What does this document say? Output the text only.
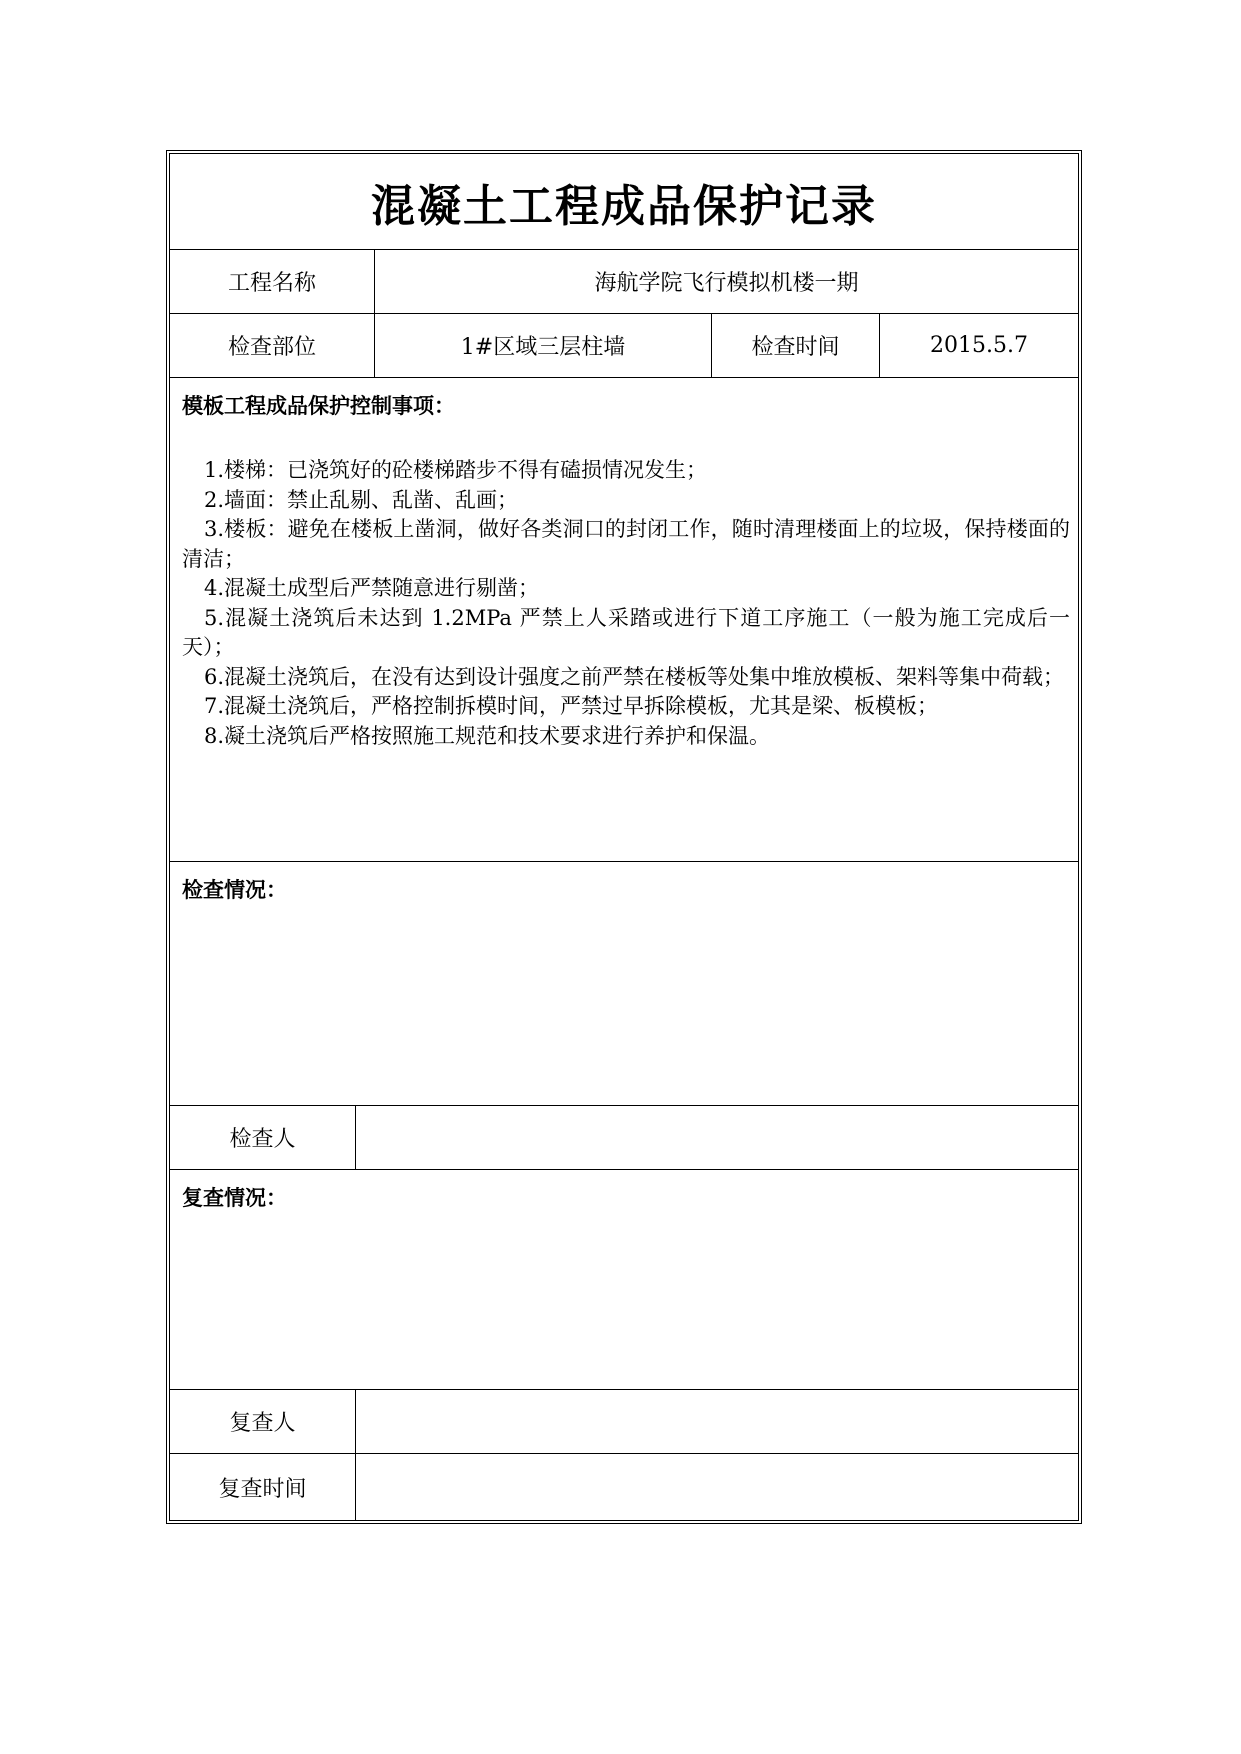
混凝土工程成品保护记录
工程名称	海航学院飞行模拟机楼一期
检查部位	1#区域三层柱墙	检查时间	2015.5.7
模板工程成品保护控制事项：
1.楼梯：已浇筑好的砼楼梯踏步不得有磕损情况发生；
2.墙面：禁止乱剔、乱凿、乱画；
3.楼板：避免在楼板上凿洞，做好各类洞口的封闭工作，随时清理楼面上的垃圾，保持楼面的清洁；
4.混凝土成型后严禁随意进行剔凿；
5.混凝土浇筑后未达到 1.2MPa 严禁上人采踏或进行下道工序施工（一般为施工完成后一天）；
6.混凝土浇筑后，在没有达到设计强度之前严禁在楼板等处集中堆放模板、架料等集中荷载；
7.混凝土浇筑后，严格控制拆模时间，严禁过早拆除模板，尤其是梁、板模板；
8.凝土浇筑后严格按照施工规范和技术要求进行养护和保温。
检查情况：
检查人
复查情况：
复查人
复查时间
